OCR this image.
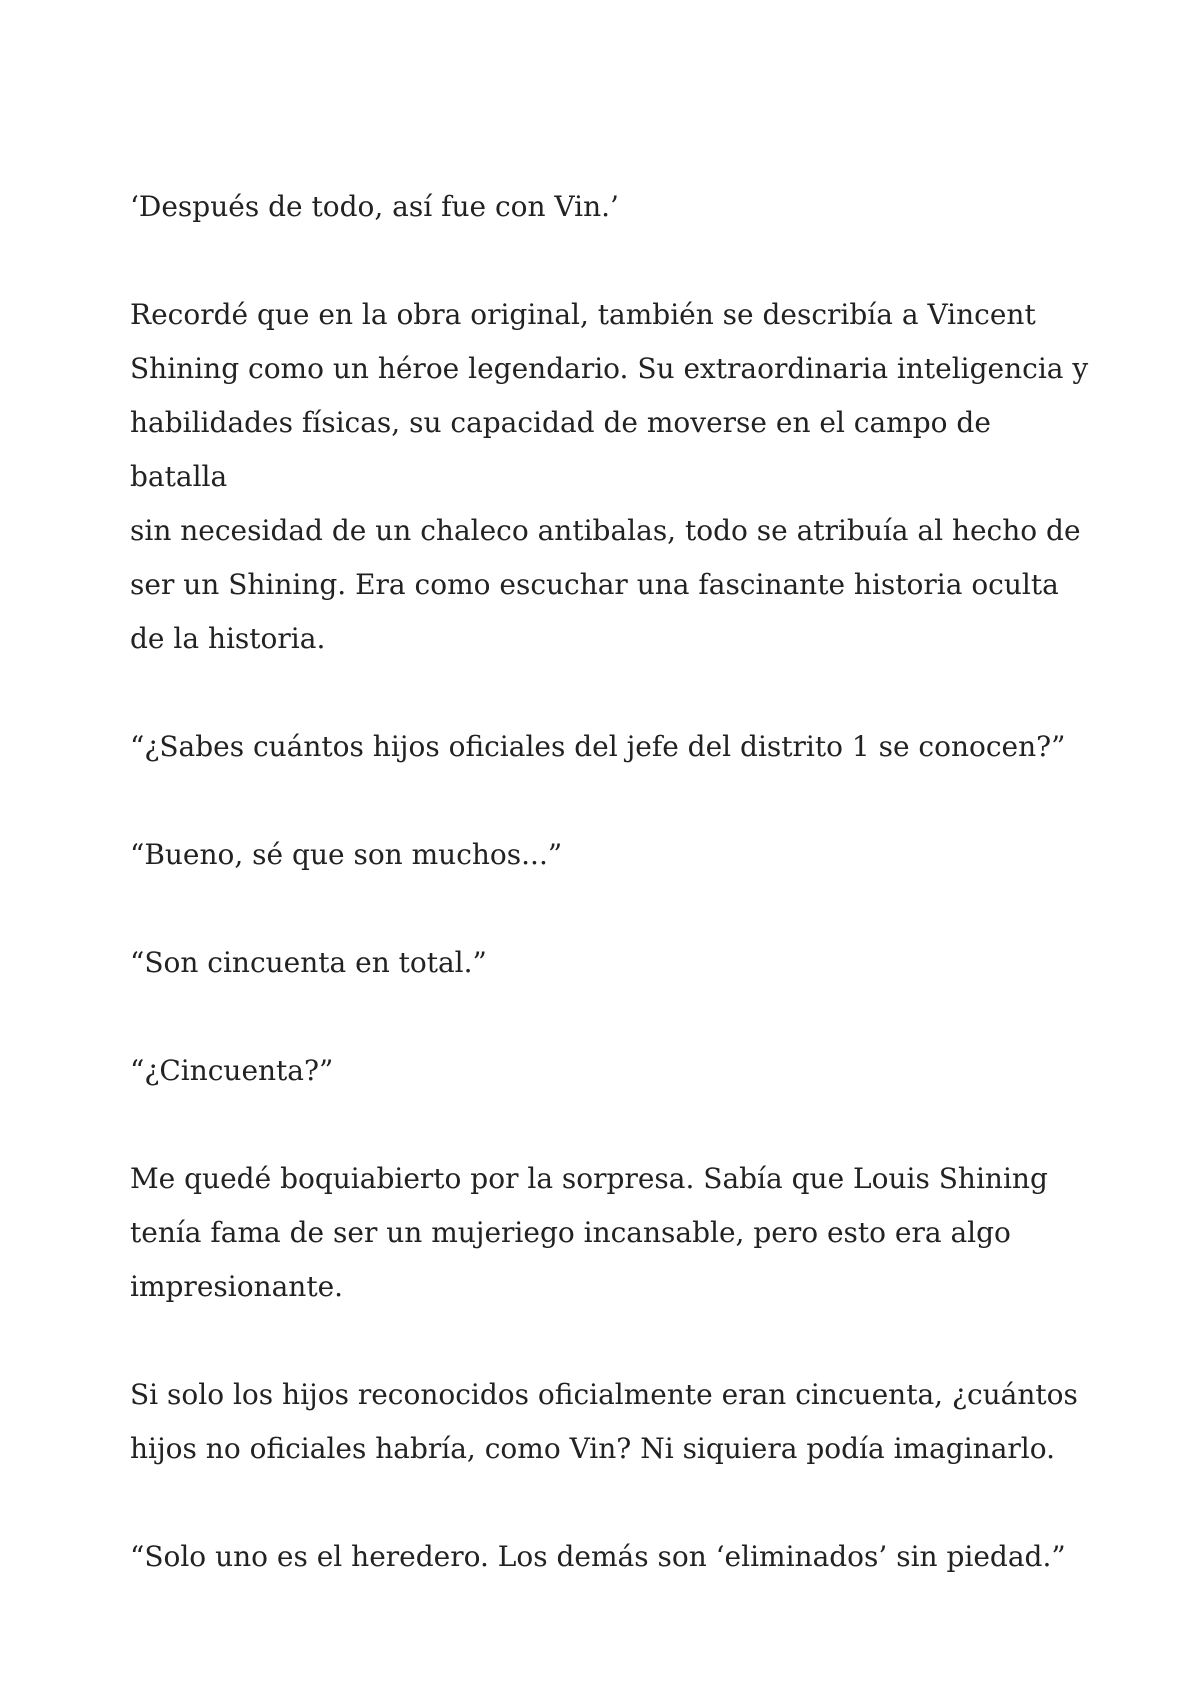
‘Después de todo, así fue con Vin.’

Recordé que en la obra original, también se describía a Vincent
Shining como un héroe legendario. Su extraordinaria inteligencia y
habilidades físicas, su capacidad de moverse en el campo de batalla
sin necesidad de un chaleco antibalas, todo se atribuía al hecho de
ser un Shining. Era como escuchar una fascinante historia oculta
de la historia.

“¿Sabes cuántos hijos oficiales del jefe del distrito 1 se conocen?”

“Bueno, sé que son muchos...”

“Son cincuenta en total.”

“¿Cincuenta?”

Me quedé boquiabierto por la sorpresa. Sabía que Louis Shining
tenía fama de ser un mujeriego incansable, pero esto era algo
impresionante.

Si solo los hijos reconocidos oficialmente eran cincuenta, ¿cuántos
hijos no oficiales habría, como Vin? Ni siquiera podía imaginarlo.

“Solo uno es el heredero. Los demás son ‘eliminados’ sin piedad.”
